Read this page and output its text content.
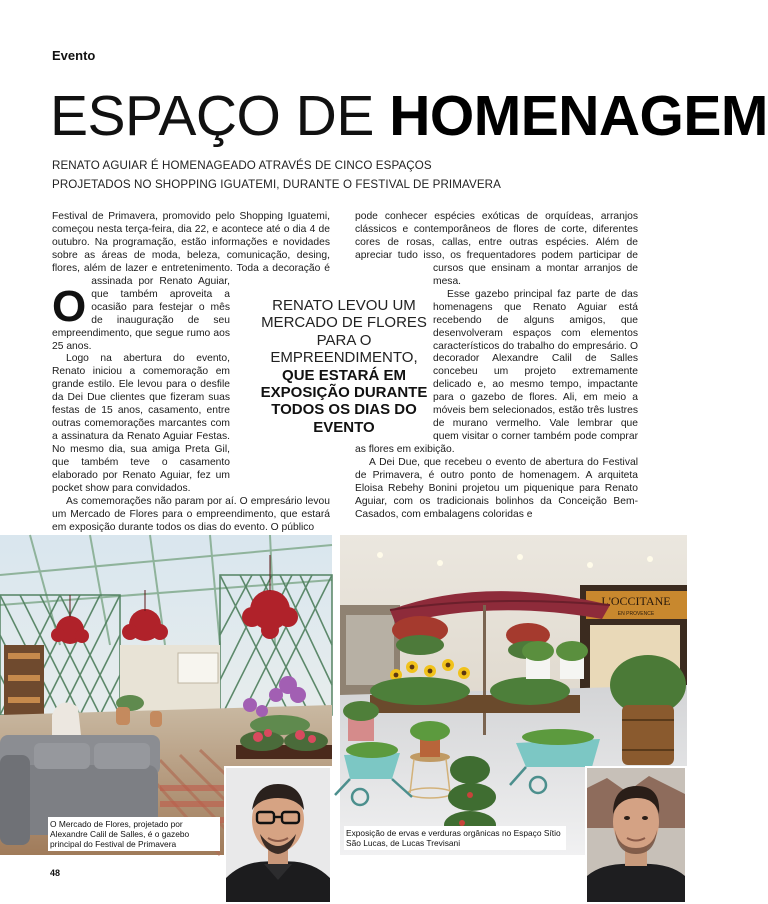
Evento
ESPAÇO DE HOMENAGEM
RENATO AGUIAR É HOMENAGEADO ATRAVÉS DE CINCO ESPAÇOS
PROJETADOS NO SHOPPING IGUATEMI, DURANTE O FESTIVAL DE PRIMAVERA
O

Festival de Primavera, promovido pelo Shopping Iguatemi, começou nesta terça-feira, dia 22, e acontece até o dia 4 de outubro. Na programação, estão informações e novidades sobre as áreas de moda, beleza, comunicação, desing, flores, além de lazer e entretenimento. Toda a decoração é assinada por Renato Aguiar, que também aproveita a ocasião para festejar o mês de inauguração de seu empreendimento, que segue rumo aos 25 anos.

Logo na abertura do evento, Renato iniciou a comemoração em grande estilo. Ele levou para o desfile da Dei Due clientes que fizeram suas festas de 15 anos, casamento, entre outras comemorações marcantes com a assinatura da Renato Aguiar Festas. No mesmo dia, sua amiga Preta Gil, que também teve o casamento elaborado por Renato Aguiar, fez um pocket show para convidados.

As comemorações não param por aí. O empresário levou um Mercado de Flores para o empreendimento, que estará em exposição durante todos os dias do evento. O público

pode conhecer espécies exóticas de orquídeas, arranjos clássicos e contemporâneos de flores de corte, diferentes cores de rosas, callas, entre outras espécies. Além de apreciar tudo isso, os frequentadores podem participar de cursos que ensinam a montar arranjos de mesa.

Esse gazebo principal faz parte de das homenagens que Renato Aguiar está recebendo de alguns amigos, que desenvolveram espaços com elementos característicos do trabalho do empresário. O decorador Alexandre Calil de Salles concebeu um projeto extremamente delicado e, ao mesmo tempo, impactante para o gazebo de flores. Ali, em meio a móveis bem selecionados, estão três lustres de murano vermelho. Vale lembrar que quem visitar o corner também pode comprar as flores em exibição.

A Dei Due, que recebeu o evento de abertura do Festival de Primavera, é outro ponto de homenagem. A arquiteta Eloisa Rebehy Bonini projetou um piquenique para Renato Aguiar, com os tradicionais bolinhos da Conceição Bem-Casados, com embalagens coloridas e

RENATO LEVOU UM MERCADO DE FLORES PARA O EMPREENDIMENTO,
QUE ESTARÁ EM EXPOSIÇÃO DURANTE TODOS OS DIAS DO EVENTO
L'OCCITANE
EN PROVENCE
O Mercado de Flores, projetado por Alexandre Calil de Salles, é o gazebo principal do Festival de Primavera
Exposição de ervas e verduras orgânicas no Espaço Sítio São Lucas, de Lucas Trevisani
48
